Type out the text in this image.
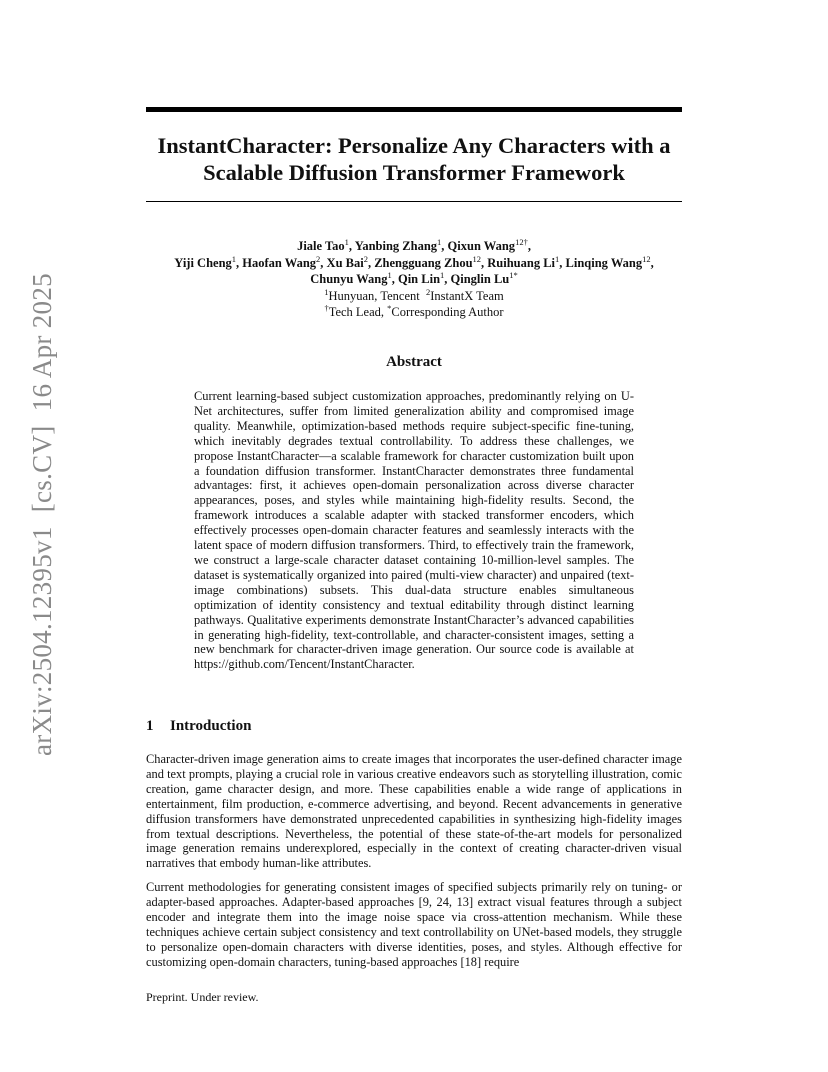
arXiv:2504.12395v1  [cs.CV]  16 Apr 2025
InstantCharacter: Personalize Any Characters with a
Scalable Diffusion Transformer Framework
Jiale Tao$^1$, Yanbing Zhang$^1$, Qixun Wang$^{12\dagger}$,
Yiji Cheng$^1$, Haofan Wang$^2$, Xu Bai$^2$, Zhengguang Zhou$^{12}$, Ruihuang Li$^1$, Linqing Wang$^{12}$,
Chunyu Wang$^1$, Qin Lin$^1$, Qinglin $Lu^{1*}$
$^1$Hunyuan, Tencent $^2$InstantX Team
†Tech Lead, *Corresponding Author
Abstract
Current learning-based subject customization approaches, predominantly relying on U-Net architectures, suffer from limited generalization ability and compromised image quality. Meanwhile, optimization-based methods require subject-specific fine-tuning, which inevitably degrades textual controllability. To address these challenges, we propose InstantCharacter—a scalable framework for character customization built upon a foundation diffusion transformer. InstantCharacter demonstrates three fundamental advantages: first, it achieves open-domain personalization across diverse character appearances, poses, and styles while maintaining high-fidelity results. Second, the framework introduces a scalable adapter with stacked transformer encoders, which effectively processes open-domain character features and seamlessly interacts with the latent space of modern diffusion transformers. Third, to effectively train the framework, we construct a large-scale character dataset containing 10-million-level samples. The dataset is systematically organized into paired (multi-view character) and unpaired (text-image combinations) subsets. This dual-data structure enables simultaneous optimization of identity consistency and textual editability through distinct learning pathways. Qualitative experiments demonstrate InstantCharacter’s advanced capabilities in generating high-fidelity, text-controllable, and character-consistent images, setting a new benchmark for character-driven image generation. Our source code is available at https://github.com/Tencent/InstantCharacter.
1 Introduction
Character-driven image generation aims to create images that incorporates the user-defined character image and text prompts, playing a crucial role in various creative endeavors such as storytelling illustration, comic creation, game character design, and more. These capabilities enable a wide range of applications in entertainment, film production, e-commerce advertising, and beyond. Recent advancements in generative diffusion transformers have demonstrated unprecedented capabilities in synthesizing high-fidelity images from textual descriptions. Nevertheless, the potential of these state-of-the-art models for personalized image generation remains underexplored, especially in the context of creating character-driven visual narratives that embody human-like attributes.
Current methodologies for generating consistent images of specified subjects primarily rely on tuning- or adapter-based approaches. Adapter-based approaches [9, 24, 13] extract visual features through a subject encoder and integrate them into the image noise space via cross-attention mechanism. While these techniques achieve certain subject consistency and text controllability on UNet-based models, they struggle to personalize open-domain characters with diverse identities, poses, and styles. Although effective for customizing open-domain characters, tuning-based approaches [18] require
Preprint. Under review.
